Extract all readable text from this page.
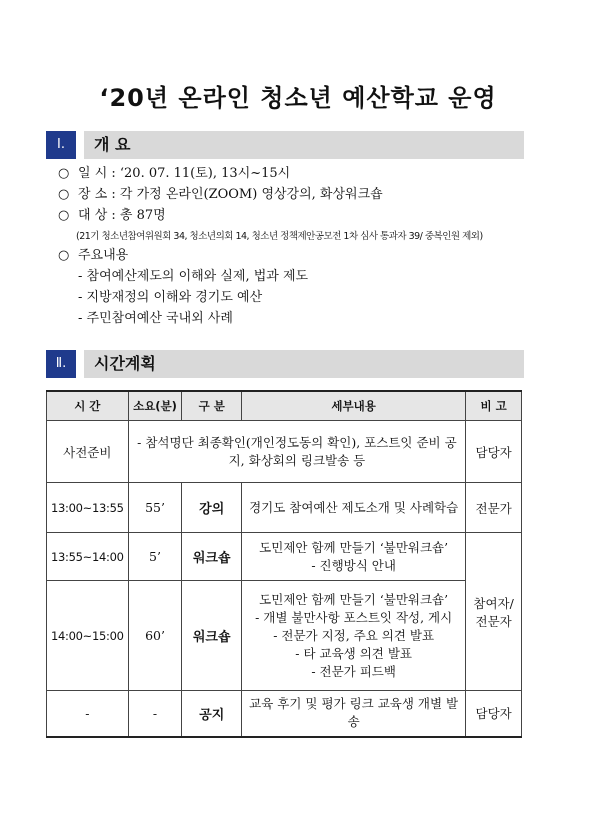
‘20년 온라인 청소년 예산학교 운영
Ⅰ.	개 요
○ 일 시 : ‘20. 07. 11(토), 13시~15시
○ 장 소 : 각 가정 온라인(ZOOM) 영상강의, 화상워크숍
○ 대 상 : 총 87명
(21기 청소년참여위원회 34, 청소년의회 14, 청소년 정책제안공모전 1차 심사 통과자 39/ 중복인원 제외)
○ 주요내용
- 참여예산제도의 이해와 실제, 법과 제도
- 지방재정의 이해와 경기도 예산
- 주민참여예산 국내외 사례
Ⅱ.	시간계획
시 간	소요(분)	구 분	세부내용	비 고
사전준비	- 참석명단 최종확인(개인정도동의 확인), 포스트잇 준비 공지, 화상회의 링크발송 등			담당자
13:00~13:55	55’	강의	경기도 참여예산 제도소개 및 사례학습	전문가
13:55~14:00	5’	워크숍	도민제안 함께 만들기 ‘불만워크숍’
- 진행방식 안내	참여자/ 전문자
14:00~15:00	60’	워크숍	도민제안 함께 만들기 ‘불만워크숍’
- 개별 불만사항 포스트잇 작성, 게시
- 전문가 지정, 주요 의견 발표
- 타 교육생 의견 발표
- 전문가 피드백	

-	-	공지	교육 후기 및 평가 링크 교육생 개별 발송	담당자
